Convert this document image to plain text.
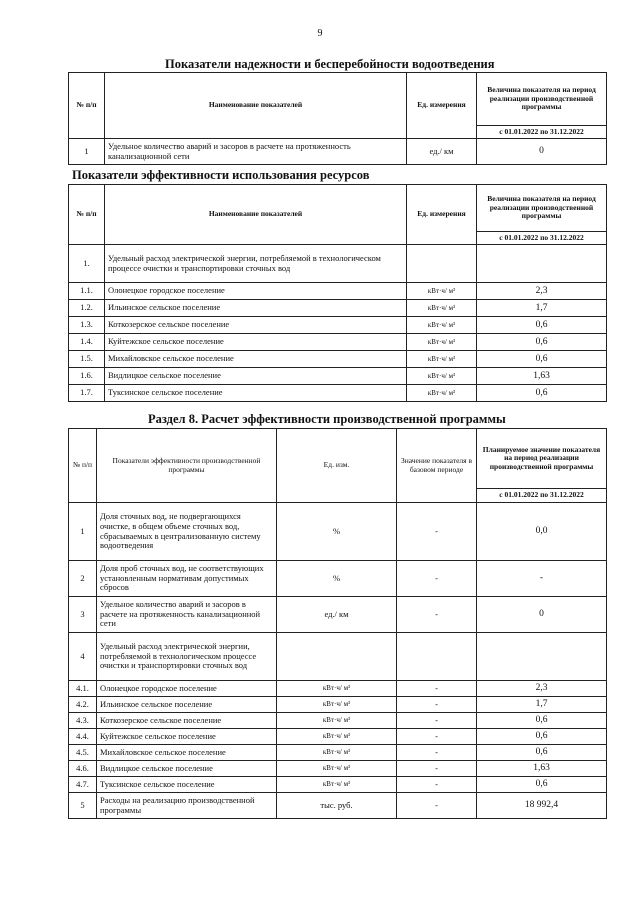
9
Показатели надежности и бесперебойности водоотведения
№ п/п	Наименование показателей	Ед. измерения	Величина показателя на период реализации производственной программы
			с 01.01.2022 по 31.12.2022
1	Удельное количество аварий и засоров в расчете на протяженность канализационной сети	ед./ км	0
Показатели эффективности использования ресурсов
№ п/п	Наименование показателей	Ед. измерения	Величина показателя на период реализации производственной программы
			с 01.01.2022 по 31.12.2022
1.	Удельный расход электрической энергии, потребляемой в технологическом процессе очистки и транспортировки сточных вод		
1.1.	Олонецкое городское поселение	кВт·ч/ м³	2,3
1.2.	Ильинское сельское поселение	кВт·ч/ м³	1,7
1.3.	Коткозерское сельское поселение	кВт·ч/ м³	0,6
1.4.	Куйтежское сельское поселение	кВт·ч/ м³	0,6
1.5.	Михайловское сельское поселение	кВт·ч/ м³	0,6
1.6.	Видлицкое сельское поселение	кВт·ч/ м³	1,63
1.7.	Туксинское сельское поселение	кВт·ч/ м³	0,6
Раздел 8. Расчет эффективности производственной программы
№ п/п	Показатели эффективности производственной программы	Ед. изм.	Значение показателя в базовом периоде	Планируемое значение показателя на период реализации производственной программы
				с 01.01.2022 по 31.12.2022
1	Доля сточных вод, не подвергающихся очистке, в общем объеме сточных вод, сбрасываемых в централизованную систему водоотведения	%	-	0,0
2	Доля проб сточных вод, не соответствующих установленным нормативам допустимых сбросов	%	-	-
3	Удельное количество аварий и засоров в расчете на протяженность канализационной сети	ед./ км	-	0
4	Удельный расход электрической энергии, потребляемой в технологическом процессе очистки и транспортировки сточных вод			
4.1.	Олонецкое городское поселение	кВт·ч/ м³	-	2,3
4.2.	Ильинское сельское поселение	кВт·ч/ м³	-	1,7
4.3.	Коткозерское сельское поселение	кВт·ч/ м³	-	0,6
4.4.	Куйтежское сельское поселение	кВт·ч/ м³	-	0,6
4.5.	Михайловское сельское поселение	кВт·ч/ м³	-	0,6
4.6.	Видлицкое сельское поселение	кВт·ч/ м³	-	1,63
4.7.	Туксинское сельское поселение	кВт·ч/ м³	-	0,6
5	Расходы на реализацию производственной программы	тыс. руб.	-	18 992,4
